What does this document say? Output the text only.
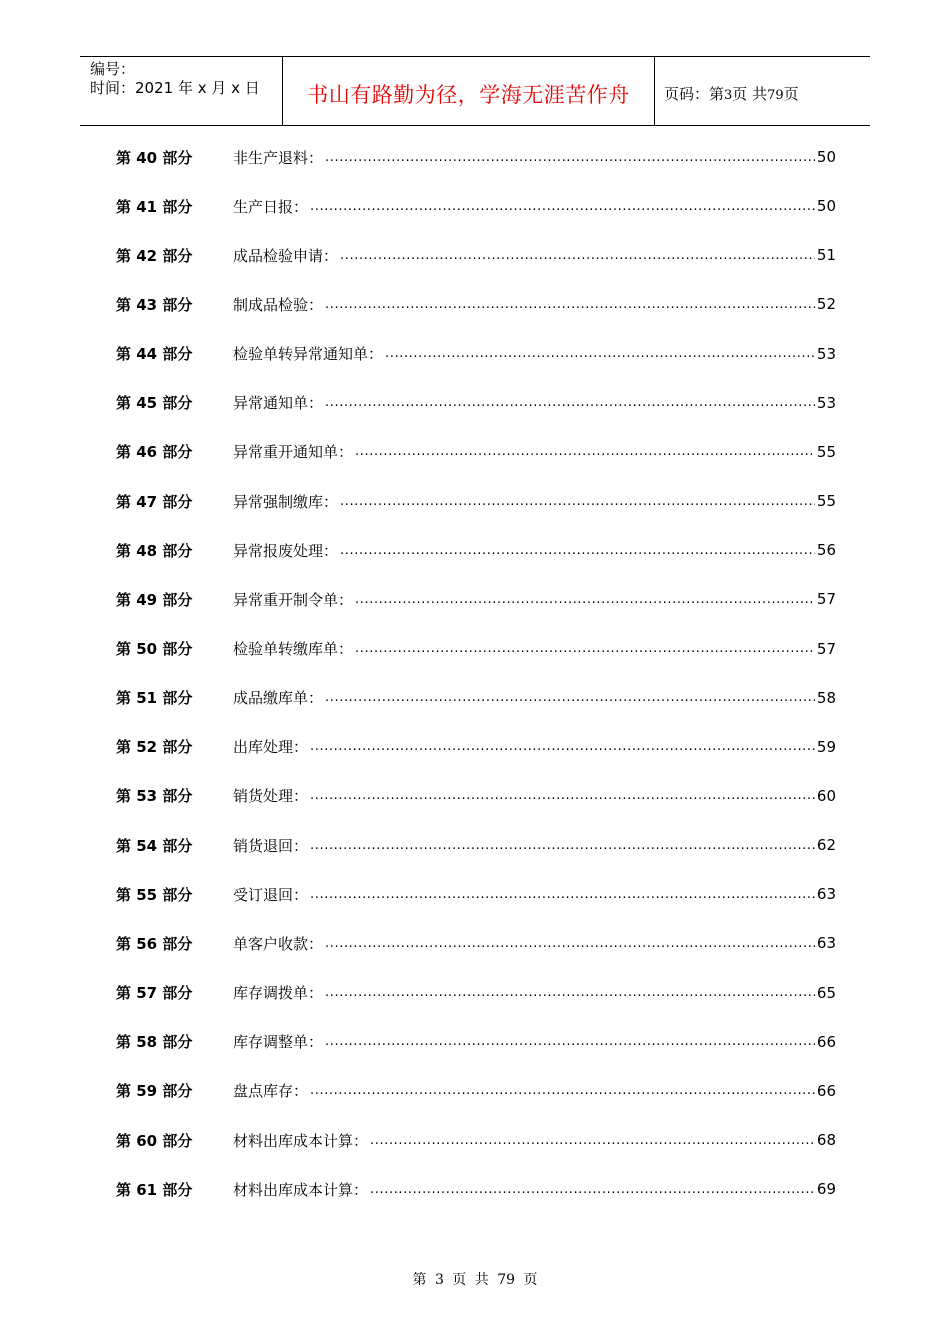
编号：
时间：2021 年 x 月 x 日	书山有路勤为径，学海无涯苦作舟	页码：第3页 共79页
第 40 部分	非生产退料： .....	50
第 41 部分	生产日报： .....	50
第 42 部分	成品检验申请： .....	51
第 43 部分	制成品检验： .....	52
第 44 部分	检验单转异常通知单： .....	53
第 45 部分	异常通知单： .....	53
第 46 部分	异常重开通知单： .....	55
第 47 部分	异常强制缴库： .....	55
第 48 部分	异常报废处理： .....	56
第 49 部分	异常重开制令单： .....	57
第 50 部分	检验单转缴库单： .....	57
第 51 部分	成品缴库单： .....	58
第 52 部分	出库处理： .....	59
第 53 部分	销货处理： .....	60
第 54 部分	销货退回： .....	62
第 55 部分	受订退回： .....	63
第 56 部分	单客户收款： .....	63
第 57 部分	库存调拨单： .....	65
第 58 部分	库存调整单： .....	66
第 59 部分	盘点库存： .....	66
第 60 部分	材料出库成本计算： .....	68
第 61 部分	材料出库成本计算： .....	69
第 3 页 共 79 页
